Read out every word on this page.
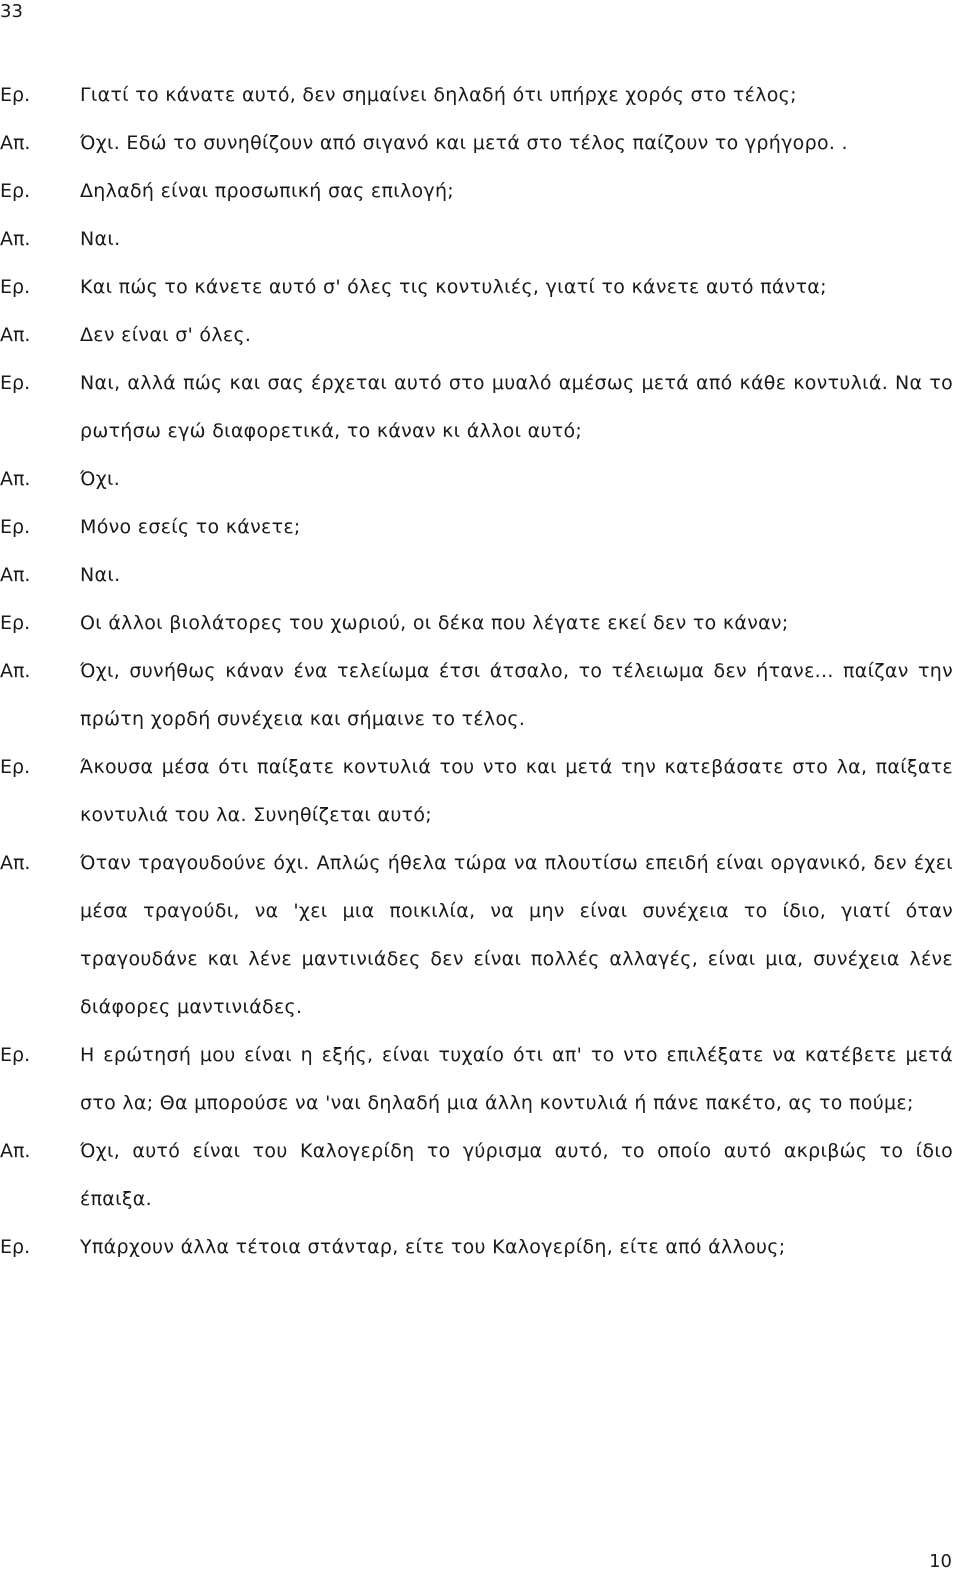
33
Ερ.	Γιατί το κάνατε αυτό, δεν σημαίνει δηλαδή ότι υπήρχε χορός στο τέλος;

Απ.	Όχι. Εδώ το συνηθίζουν από σιγανό και μετά στο τέλος παίζουν το γρήγορο. .

Ερ.	Δηλαδή είναι προσωπική σας επιλογή;

Απ.	Ναι.

Ερ.	Και πώς το κάνετε αυτό σ' όλες τις κοντυλιές, γιατί το κάνετε αυτό πάντα;

Απ.	Δεν είναι σ' όλες.

Ερ.	Ναι, αλλά πώς και σας έρχεται αυτό στο μυαλό αμέσως μετά από κάθε κοντυλιά. Να το ρωτήσω εγώ διαφορετικά, το κάναν κι άλλοι αυτό;

Απ.	Όχι.

Ερ.	Μόνο εσείς το κάνετε;

Απ.	Ναι.

Ερ.	Οι άλλοι βιολάτορες του χωριού, οι δέκα που λέγατε εκεί δεν το κάναν;

Απ.	Όχι, συνήθως κάναν ένα τελείωμα έτσι άτσαλο, το τέλειωμα δεν ήτανε... παίζαν την πρώτη χορδή συνέχεια και σήμαινε το τέλος.

Ερ.	Άκουσα μέσα ότι παίξατε κοντυλιά του ντο και μετά την κατεβάσατε στο λα, παίξατε κοντυλιά του λα. Συνηθίζεται αυτό;

Απ.	Όταν τραγουδούνε όχι. Απλώς ήθελα τώρα να πλουτίσω επειδή είναι οργανικό, δεν έχει μέσα τραγούδι, να 'χει μια ποικιλία, να μην είναι συνέχεια το ίδιο, γιατί όταν τραγουδάνε και λένε μαντινιάδες δεν είναι πολλές αλλαγές, είναι μια, συνέχεια λένε διάφορες μαντινιάδες.

Ερ.	Η ερώτησή μου είναι η εξής, είναι τυχαίο ότι απ' το ντο επιλέξατε να κατέβετε μετά στο λα; Θα μπορούσε να 'ναι δηλαδή μια άλλη κοντυλιά ή πάνε πακέτο, ας το πούμε;

Απ.	Όχι, αυτό είναι του Καλογερίδη το γύρισμα αυτό, το οποίο αυτό ακριβώς το ίδιο έπαιξα.

Ερ.	Υπάρχουν άλλα τέτοια στάνταρ, είτε του Καλογερίδη, είτε από άλλους;

10
